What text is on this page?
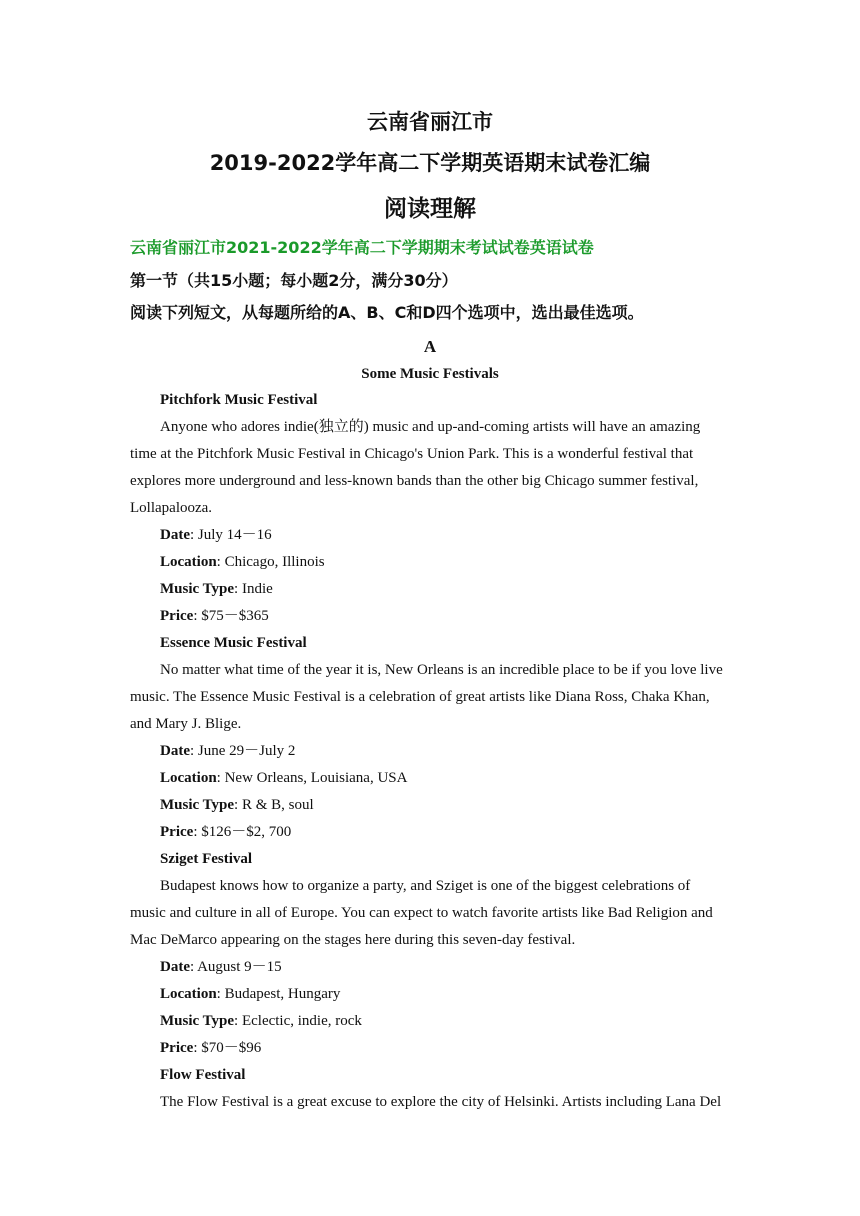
云南省丽江市
2019-2022学年高二下学期英语期末试卷汇编
阅读理解
云南省丽江市2021-2022学年高二下学期期末考试试卷英语试卷
第一节（共15小题；每小题2分，满分30分）
阅读下列短文，从每题所给的A、B、C和D四个选项中，选出最佳选项。
A
Some Music Festivals
Pitchfork Music Festival
Anyone who adores indie(独立的) music and up-and-coming artists will have an amazing
time at the Pitchfork Music Festival in Chicago's Union Park. This is a wonderful festival that
explores more underground and less-known bands than the other big Chicago summer festival,
Lollapalooza.
Date: July 14－16
Location: Chicago, Illinois
Music Type: Indie
Price: $75－$365
Essence Music Festival
No matter what time of the year it is, New Orleans is an incredible place to be if you love live
music. The Essence Music Festival is a celebration of great artists like Diana Ross, Chaka Khan,
and Mary J. Blige.
Date: June 29－July 2
Location: New Orleans, Louisiana, USA
Music Type: R & B, soul
Price: $126－$2, 700
Sziget Festival
Budapest knows how to organize a party, and Sziget is one of the biggest celebrations of
music and culture in all of Europe. You can expect to watch favorite artists like Bad Religion and
Mac DeMarco appearing on the stages here during this seven-day festival.
Date: August 9－15
Location: Budapest, Hungary
Music Type: Eclectic, indie, rock
Price: $70－$96
Flow Festival
The Flow Festival is a great excuse to explore the city of Helsinki. Artists including Lana Del
